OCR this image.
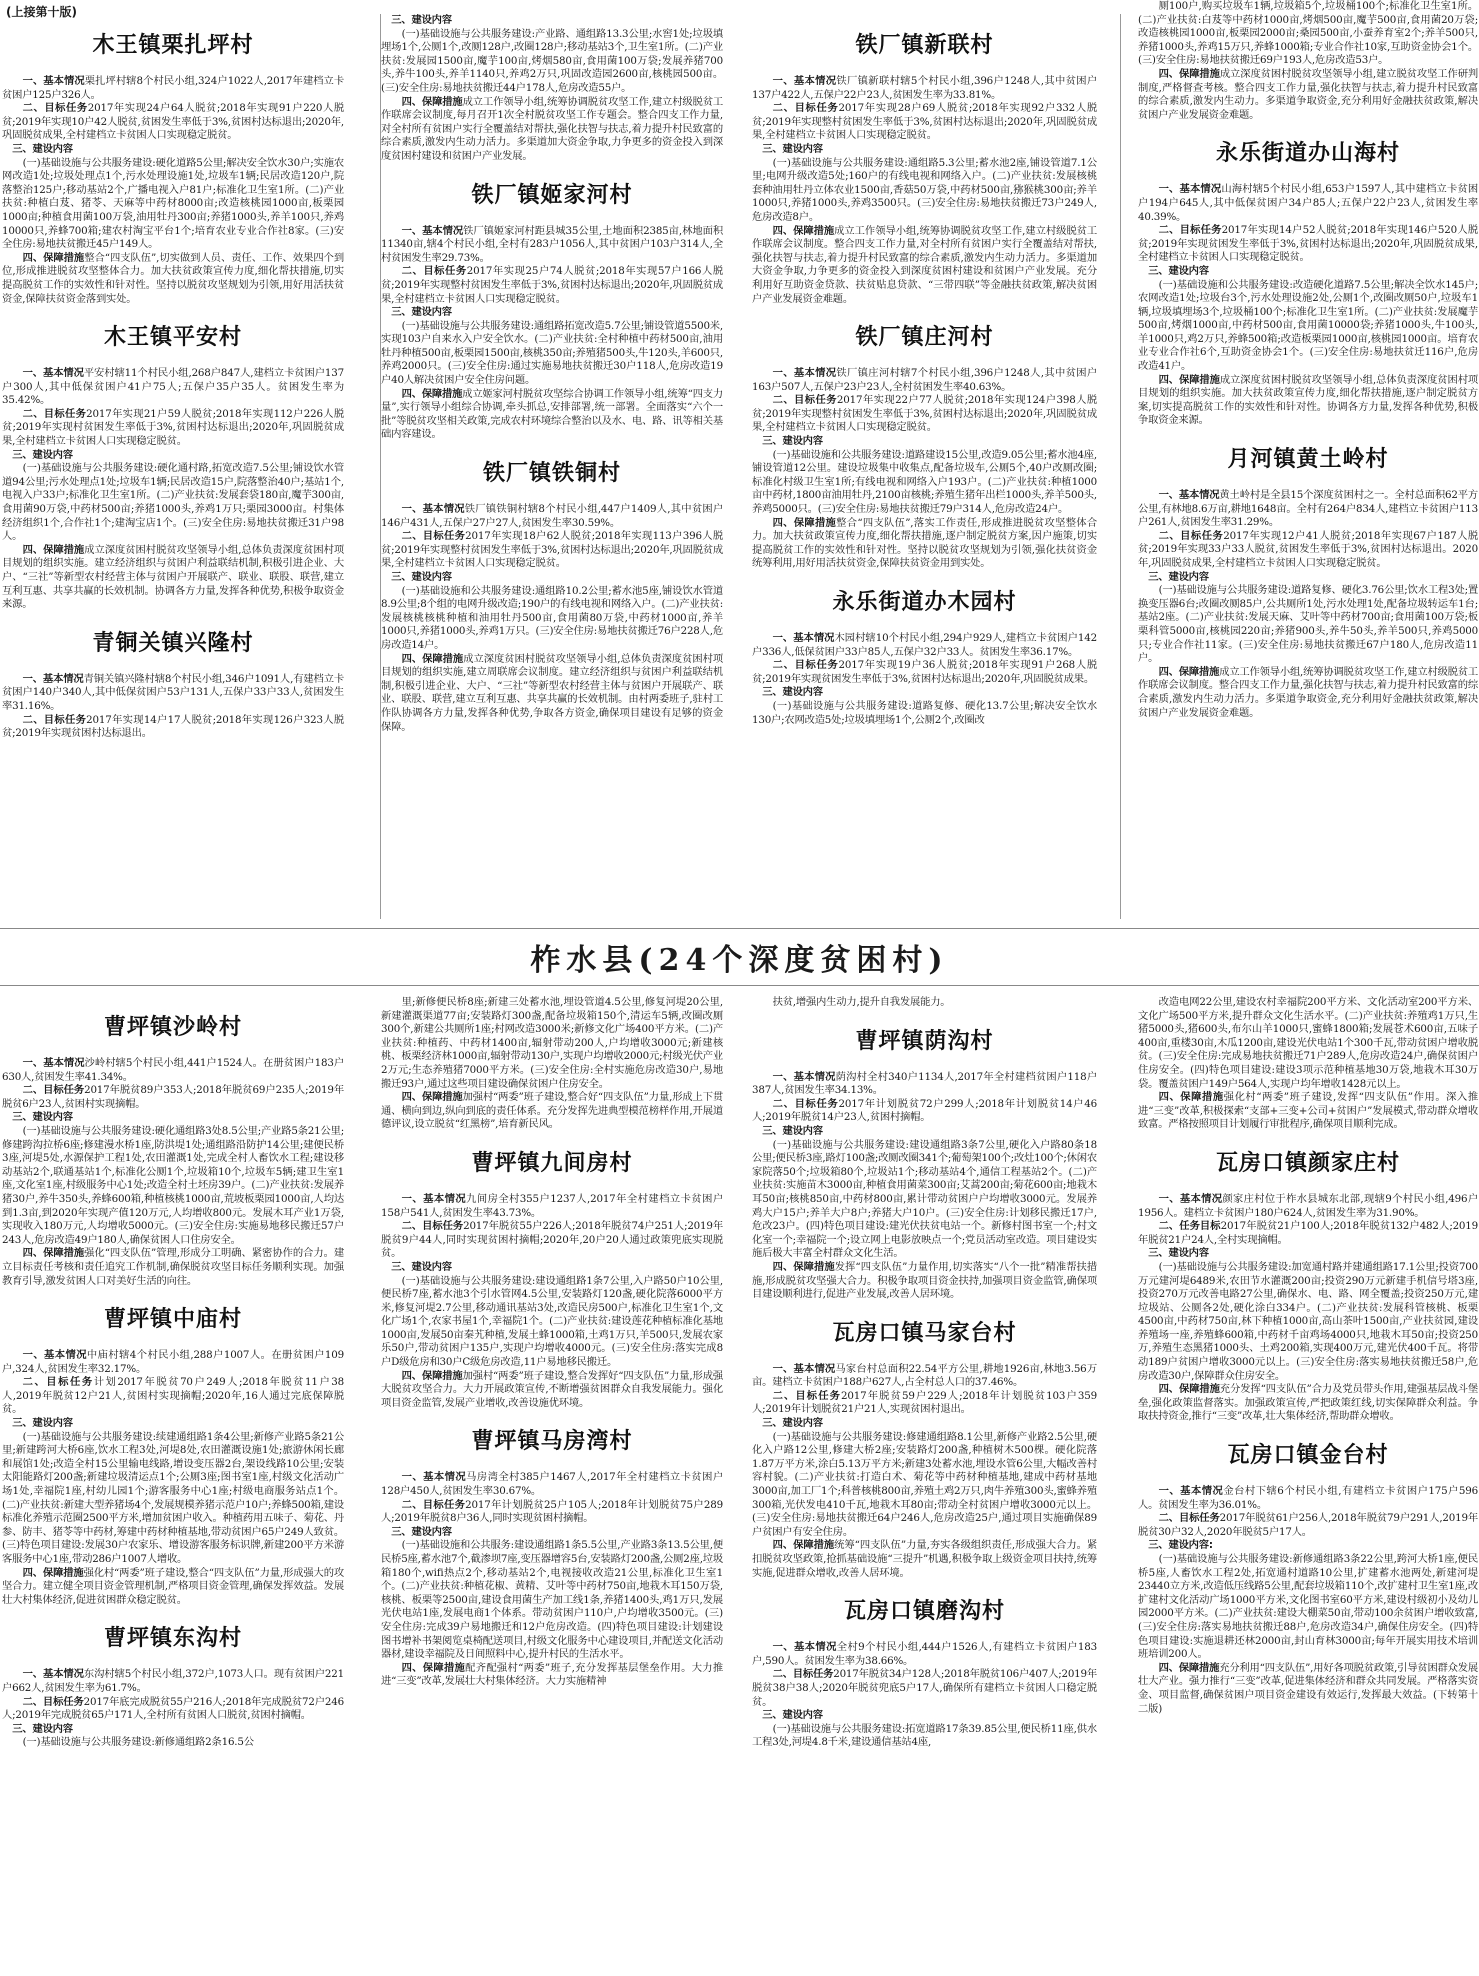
(上接第十版)
木王镇栗扎坪村

一、基本情况栗扎坪村辖8个村民小组,324户1022人,2017年建档立卡贫困户125户326人。

二、目标任务2017年实现24户64人脱贫;2018年实现91户220人脱贫;2019年实现10户42人脱贫,贫困发生率低于3%,贫困村达标退出;2020年,巩固脱贫成果,全村建档立卡贫困人口实现稳定脱贫。

三、建设内容

(一)基础设施与公共服务建设:硬化道路5公里;解决安全饮水30户;实施农网改造1处;垃圾处理点1个,污水处理设施1处,垃圾车1辆;民居改造120户,院落整治125户;移动基站2个,广播电视入户81户;标准化卫生室1所。(二)产业扶贫:种植白芨、猪苓、天麻等中药材8000亩;改造核桃园1000亩,板栗园1000亩;种植食用菌100万袋,油用牡丹300亩;养猪1000头,养羊100只,养鸡10000只,养蜂700箱;建农村淘宝平台1个;培育农业专业合作社8家。(三)安全住房:易地扶贫搬迁45户149人。

四、保障措施整合“四支队伍”,切实做到人员、责任、工作、效果四个到位,形成推进脱贫攻坚整体合力。加大扶贫政策宣传力度,细化帮扶措施,切实提高脱贫工作的实效性和针对性。坚持以脱贫攻坚规划为引领,用好用活扶贫资金,保障扶贫资金落到实处。

木王镇平安村

一、基本情况平安村辖11个村民小组,268户847人,建档立卡贫困户137户300人,其中低保贫困户41户75人;五保户35户35人。贫困发生率为35.42%。

二、目标任务2017年实现21户59人脱贫;2018年实现112户226人脱贫;2019年实现村贫困发生率低于3%,贫困村达标退出;2020年,巩固脱贫成果,全村建档立卡贫困人口实现稳定脱贫。

三、建设内容

(一)基础设施与公共服务建设:硬化通村路,拓宽改造7.5公里;铺设饮水管道94公里;污水处理点1处;垃圾车1辆;民居改造15户,院落整治40户;基站1个,电视入户33户;标准化卫生室1所。(二)产业扶贫:发展套袋180亩,魔芋300亩,食用菌90万袋,中药材500亩;养猪1000头,养鸡1万只;栗园3000亩。村集体经济组织1个,合作社1个;建淘宝店1个。(三)安全住房:易地扶贫搬迁31户98人。

四、保障措施成立深度贫困村脱贫攻坚领导小组,总体负责深度贫困村项目规划的组织实施。建立经济组织与贫困户利益联结机制,积极引进企业、大户、“三社”等新型农村经营主体与贫困户开展联产、联业、联股、联营,建立互利互惠、共享共赢的长效机制。协调各方力量,发挥各种优势,积极争取资金来源。

青铜关镇兴隆村

一、基本情况青铜关镇兴隆村辖8个村民小组,346户1091人,有建档立卡贫困户140户340人,其中低保贫困户53户131人,五保户33户33人,贫困发生率31.16%。

二、目标任务2017年实现14户17人脱贫;2018年实现126户323人脱贫;2019年实现贫困村达标退出。

三、建设内容

(一)基础设施与公共服务建设:产业路、通组路13.3公里;水窖1处;垃圾填埋场1个,公厕1个,改厕128户,改圈128户;移动基站3个,卫生室1所。(二)产业扶贫:发展园1500亩,魔芋100亩,烤烟580亩,食用菌100万袋;发展养猪700头,养牛100头,养羊1140只,养鸡2万只,巩固改造园2600亩,核桃园500亩。(三)安全住房:易地扶贫搬迁44户178人,危房改造55户。

四、保障措施成立工作领导小组,统筹协调脱贫攻坚工作,建立村级脱贫工作联席会议制度,每月召开1次全村脱贫攻坚工作专题会。整合四支工作力量,对全村所有贫困户实行全覆盖结对帮扶,强化扶智与扶志,着力提升村民致富的综合素质,激发内生动力活力。多渠道加大资金争取,力争更多的资金投入到深度贫困村建设和贫困户产业发展。

铁厂镇姬家河村

一、基本情况铁厂镇姬家河村距县城35公里,土地面积2385亩,林地面积11340亩,辖4个村民小组,全村有283户1056人,其中贫困户103户314人,全村贫困发生率29.73%。

二、目标任务2017年实现25户74人脱贫;2018年实现57户166人脱贫;2019年实现整村贫困发生率低于3%,贫困村达标退出;2020年,巩固脱贫成果,全村建档立卡贫困人口实现稳定脱贫。

三、建设内容

(一)基础设施与公共服务建设:通组路拓宽改造5.7公里;铺设管道5500米,实现103户自来水入户安全饮水。(二)产业扶贫:全村种植中药材500亩,油用牡丹种植500亩,板栗园1500亩,核桃350亩;养殖猪500头,牛120头,羊600只,养鸡2000只。(三)安全住房:通过实施易地扶贫搬迁30户118人,危房改造19户40人解决贫困户安全住房问题。

四、保障措施成立姬家河村脱贫攻坚综合协调工作领导小组,统筹“四支力量”,实行领导小组综合协调,牵头抓总,安排部署,统一部署。全面落实“六个一批”等脱贫攻坚相关政策,完成农村环境综合整治以及水、电、路、讯等相关基础内容建设。

铁厂镇铁铜村

一、基本情况铁厂镇铁铜村辖8个村民小组,447户1409人,其中贫困户146户431人,五保户27户27人,贫困发生率30.59%。

二、目标任务2017年实现18户62人脱贫;2018年实现113户396人脱贫;2019年实现整村贫困发生率低于3%,贫困村达标退出;2020年,巩固脱贫成果,全村建档立卡贫困人口实现稳定脱贫。

三、建设内容

(一)基础设施和公共服务建设:通组路10.2公里;蓄水池5座,铺设饮水管道8.9公里;8个组的电网升级改造;190户的有线电视和网络入户。(二)产业扶贫:发展核桃核桃种植和油用牡丹500亩,食用菌80万袋,中药材1000亩,养羊1000只,养猪1000头,养鸡1万只。(三)安全住房:易地扶贫搬迁76户228人,危房改造14户。

四、保障措施成立深度贫困村脱贫攻坚领导小组,总体负责深度贫困村项目规划的组织实施,建立周联席会议制度。建立经济组织与贫困户利益联结机制,积极引进企业、大户、“三社”等新型农村经营主体与贫困户开展联产、联业、联股、联营,建立互利互惠、共享共赢的长效机制。由村两委班子,驻村工作队协调各方力量,发挥各种优势,争取各方资金,确保项目建设有足够的资金保障。

铁厂镇新联村

一、基本情况铁厂镇新联村辖5个村民小组,396户1248人,其中贫困户137户422人,五保户22户23人,贫困发生率为33.81%。

二、目标任务2017年实现28户69人脱贫;2018年实现92户332人脱贫;2019年实现整村贫困发生率低于3%,贫困村达标退出;2020年,巩固脱贫成果,全村建档立卡贫困人口实现稳定脱贫。

三、建设内容

(一)基础设施与公共服务建设:通组路5.3公里;蓄水池2座,铺设管道7.1公里;电网升级改造5处;160户的有线电视和网络入户。(二)产业扶贫:发展核桃套种油用牡丹立体农业1500亩,香菇50万袋,中药材500亩,猕猴桃300亩;养羊1000只,养猪1000头,养鸡3500只。(三)安全住房:易地扶贫搬迁73户249人,危房改造8户。

四、保障措施成立工作领导小组,统筹协调脱贫攻坚工作,建立村级脱贫工作联席会议制度。整合四支工作力量,对全村所有贫困户实行全覆盖结对帮扶,强化扶智与扶志,着力提升村民致富的综合素质,激发内生动力活力。多渠道加大资金争取,力争更多的资金投入到深度贫困村建设和贫困户产业发展。充分利用好互助资金贷款、扶贫贴息贷款、“三带四联”等金融扶贫政策,解决贫困户产业发展资金难题。

铁厂镇庄河村

一、基本情况铁厂镇庄河村辖7个村民小组,396户1248人,其中贫困户163户507人,五保户23户23人,全村贫困发生率40.63%。

二、目标任务2017年实现22户77人脱贫;2018年实现124户398人脱贫;2019年实现整村贫困发生率低于3%,贫困村达标退出;2020年,巩固脱贫成果,全村建档立卡贫困人口实现稳定脱贫。

三、建设内容

(一)基础设施和公共服务建设:道路建设15公里,改造9.05公里;蓄水池4座,铺设管道12公里。建设垃圾集中收集点,配备垃圾车,公厕5个,40户改厕改圈;标准化村级卫生室1所;有线电视和网络入户193户。(二)产业扶贫:种植1000亩中药材,1800亩油用牡丹,2100亩核桃;养殖生猪年出栏1000头,养羊500头,养鸡5000只。(三)安全住房:易地扶贫搬迁79户314人,危房改造24户。

四、保障措施整合“四支队伍”,落实工作责任,形成推进脱贫攻坚整体合力。加大扶贫政策宣传力度,细化帮扶措施,逐户制定脱贫方案,因户施策,切实提高脱贫工作的实效性和针对性。坚持以脱贫攻坚规划为引领,强化扶贫资金统筹利用,用好用活扶贫资金,保障扶贫资金用到实处。

永乐街道办木园村

一、基本情况木园村辖10个村民小组,294户929人,建档立卡贫困户142户336人,低保贫困户33户85人,五保户32户33人。贫困发生率36.17%。

二、目标任务2017年实现19户36人脱贫;2018年实现91户268人脱贫;2019年实现贫困发生率低于3%,贫困村达标退出;2020年,巩固脱贫成果。

三、建设内容

(一)基础设施与公共服务建设:道路复修、硬化13.7公里;解决安全饮水130户;农网改造5处;垃圾填埋场1个,公厕2个,改圈改

厕100户,购买垃圾车1辆,垃圾箱5个,垃圾桶100个;标准化卫生室1所。(二)产业扶贫:白芨等中药材1000亩,烤烟500亩,魔芋500亩,食用菌20万袋;改造核桃园1000亩,板栗园2000亩;桑园500亩,小蚕养育室2个;养羊500只,养猪1000头,养鸡15万只,养蜂1000箱;专业合作社10家,互助资金协会1个。(三)安全住房:易地扶贫搬迁69户193人,危房改造53户。

四、保障措施成立深度贫困村脱贫攻坚领导小组,建立脱贫攻坚工作研判制度,严格督查考核。整合四支工作力量,强化扶智与扶志,着力提升村民致富的综合素质,激发内生动力。多渠道争取资金,充分利用好金融扶贫政策,解决贫困户产业发展资金难题。

永乐街道办山海村

一、基本情况山海村辖5个村民小组,653户1597人,其中建档立卡贫困户194户645人,其中低保贫困户34户85人;五保户22户23人,贫困发生率40.39%。

二、目标任务2017年实现14户52人脱贫;2018年实现146户520人脱贫;2019年实现贫困发生率低于3%,贫困村达标退出;2020年,巩固脱贫成果,全村建档立卡贫困人口实现稳定脱贫。

三、建设内容

(一)基础设施和公共服务建设:改造硬化道路7.5公里;解决全饮水145户;农网改造1处;垃圾台3个,污水处理设施2处,公厕1个,改圈改厕50户,垃圾车1辆,垃圾填埋场3个,垃圾桶100个;标准化卫生室1所。(二)产业扶贫:发展魔芋500亩,烤烟1000亩,中药材500亩,食用菌10000袋;养猪1000头,牛100头,羊1000只,鸡2万只,养蜂500箱;改造板栗园1000亩,核桃园1000亩。培育农业专业合作社6个,互助资金协会1个。(三)安全住房:易地扶贫迁116户,危房改造41户。

四、保障措施成立深度贫困村脱贫攻坚领导小组,总体负责深度贫困村项目规划的组织实施。加大扶贫政策宣传力度,细化帮扶措施,逐户制定脱贫方案,切实提高脱贫工作的实效性和针对性。协调各方力量,发挥各种优势,积极争取资金来源。

月河镇黄土岭村

一、基本情况黄土岭村是全县15个深度贫困村之一。全村总面积62平方公里,有林地8.6万亩,耕地1648亩。全村有264户834人,建档立卡贫困户113户261人,贫困发生率31.29%。

二、目标任务2017年实现12户41人脱贫;2018年实现67户187人脱贫;2019年实现33户33人脱贫,贫困发生率低于3%,贫困村达标退出。2020年,巩固脱贫成果,全村建档立卡贫困人口实现稳定脱贫。

三、建设内容

(一)基础设施与公共服务建设:道路复修、硬化3.76公里;饮水工程3处;置换变压器6台;改圈改厕85户,公共厕所1处,污水处理1处,配备垃圾转运车1台;基站2座。(二)产业扶贫:发展天麻、艾叶等中药材700亩;食用菌100万袋;板栗科管5000亩,核桃园220亩;养猪900头,养牛50头,养羊500只,养鸡5000只;专业合作社11家。(三)安全住房:易地扶贫搬迁67户180人,危房改造11户。

四、保障措施成立工作领导小组,统筹协调脱贫攻坚工作,建立村级脱贫工作联席会议制度。整合四支工作力量,强化扶智与扶志,着力提升村民致富的综合素质,激发内生动力活力。多渠道争取资金,充分利用好金融扶贫政策,解决贫困户产业发展资金难题。

柞水县(24个深度贫困村)
曹坪镇沙岭村

一、基本情况沙岭村辖5个村民小组,441户1524人。在册贫困户183户630人,贫困发生率41.34%。

二、目标任务2017年脱贫89户353人;2018年脱贫69户235人;2019年脱贫6户23人,贫困村实现摘帽。

三、建设内容

(一)基础设施与公共服务建设:硬化通组路3处8.5公里;产业路5条21公里;修建跨沟拉桥6座;修建漫水桥1座,防洪堤1处;通组路沿防护14公里;建便民桥3座,河堤5处,水源保护工程1处,农田灌溉1处,完成全村人畜饮水工程;建设移动基站2个,联通基站1个,标准化公厕1个,垃圾箱10个,垃圾车5辆;建卫生室1座,文化室1座,村级服务中心1处;改造全村土坯房39户。(二)产业扶贫:发展养猪30户,养牛350头,养蜂600箱,种植核桃1000亩,荒坡板栗园1000亩,人均达到1.3亩,到2020年实现产值120万元,人均增收800元。发展木耳产业1万袋,实现收入180万元,人均增收5000元。(三)安全住房:实施易地移民搬迁57户243人,危房改造49户180人,确保贫困人口住房安全。

四、保障措施强化“四支队伍”管理,形成分工明确、紧密协作的合力。建立目标责任考核和责任追究工作机制,确保脱贫攻坚目标任务顺利实现。加强教育引导,激发贫困人口对美好生活的向往。

曹坪镇中庙村

一、基本情况中庙村辖4个村民小组,288户1007人。在册贫困户109户,324人,贫困发生率32.17%。

二、目标任务计划2017年脱贫70户249人;2018年脱贫11户38人,2019年脱贫12户21人,贫困村实现摘帽;2020年,16人通过完底保障脱贫。

三、建设内容

(一)基础设施与公共服务建设:续建通组路1条4公里;新修产业路5条21公里;新建跨河大桥6座,饮水工程3处,河堤8处,农田灌溉设施1处;旅游休闲长廊和展馆1处;改造全村15公里输电线路,增设变压器2台,架设线路10公里;安装太阳能路灯200盏;新建垃圾清运点1个;公厕3座;图书室1座,村级文化活动广场1处,幸福院1座,村幼儿园1个;游客服务中心1座;村级电商服务站点1个。(二)产业扶贫:新建大型养猪场4个,发展规模养猪示范户10户;养蜂500箱,建设标准化养殖示范圈2500平方米,增加贫困户收入。种植药用五味子、菊花、丹参、防丰、猪苓等中药材,筹建中药材种植基地,带动贫困户65户249人致贫。(三)特色项目建设:发展30户农家乐、增设游客服务标识牌,新建200平方米游客服务中心1座,带动286户1007人增收。

四、保障措施强化村“两委”班子建设,整合“四支队伍”力量,形成强大的攻坚合力。建立健全项目资金管理机制,严格项目资金管理,确保发挥效益。发展壮大村集体经济,促进贫困群众稳定脱贫。

曹坪镇东沟村

一、基本情况东沟村辖5个村民小组,372户,1073人口。现有贫困户221户662人,贫困发生率为61.7%。

二、目标任务2017年底完成脱贫55户216人;2018年完成脱贫72户246人;2019年完成脱贫65户171人,全村所有贫困人口脱贫,贫困村摘帽。

三、建设内容

(一)基础设施与公共服务建设:新修通组路2条16.5公

里;新修便民桥8座;新建三处蓄水池,埋设管道4.5公里,修复河堤20公里,新建灌溉渠道77亩;安装路灯300盏,配备垃圾箱150个,清运车5辆,改圈改厕300个,新建公共厕所1座;村网改造3000米;新修文化广场400平方米。(二)产业扶贫:种植药、中药材1400亩,辐射带动200人,户均增收3000元;新建核桃、板栗经济林1000亩,辐射带动130户,实现户均增收2000元;村级光伏产业2万元;生态养殖猪7000平方米。(三)安全住房:全村实施危房改造30户,易地搬迁93户,通过这些项目建设确保贫困户住房安全。

四、保障措施加强村“两委”班子建设,整合好“四支队伍”力量,形成上下贯通、横向到边,纵向到底的责任体系。充分发挥先进典型模范榜样作用,开展道德评议,设立脱贫“红黑榜”,培育新民风。

曹坪镇九间房村

一、基本情况九间房全村355户1237人,2017年全村建档立卡贫困户158户541人,贫困发生率43.73%。

二、目标任务2017年脱贫55户226人;2018年脱贫74户251人;2019年脱贫9户44人,同时实现贫困村摘帽;2020年,20户20人通过政策兜底实现脱贫。

三、建设内容

(一)基础设施与公共服务建设:建设通组路1条7公里,入户路50户10公里,便民桥7座,蓄水池3个引水管网4.5公里,安装路灯120盏,硬化院落6000平方米,修复河堤2.7公里,移动通讯基站3处,改造民房500户,标准化卫生室1个,文化广场1个,农家书屋1个,幸福院1个。(二)产业扶贫:建设莲花种植标准化基地1000亩,发展50亩秦艽种植,发展土蜂1000箱,土鸡1万只,羊500只,发展农家乐50户,带动贫困户135户,实现户均增收4000元。(三)安全住房:落实完成8户D级危房和30户C级危房改造,11户易地移民搬迁。

四、保障措施加强村“两委”班子建设,整合发挥好“四支队伍”力量,形成强大脱贫攻坚合力。大力开展政策宣传,不断增强贫困群众自我发展能力。强化项目资金监管,发展产业增收,改善设施优环境。

曹坪镇马房湾村

一、基本情况马房湾全村385户1467人,2017年全村建档立卡贫困户128户450人,贫困发生率30.67%。

二、目标任务2017年计划脱贫25户105人;2018年计划脱贫75户289人;2019年脱贫8户36人,同时实现贫困村摘帽。

三、建设内容

(一)基础设施和公共服务:建设通组路1条5.5公里,产业路3条13.5公里,便民桥5座,蓄水池7个,截渗坝7座,变压器增容5台,安装路灯200盏,公厕2座,垃圾箱180个,wifi热点2个,移动基站2个,电视接收改造21公里,标准化卫生室1个。(二)产业扶贫:种植花椒、黄精、艾叶等中药材750亩,地栽木耳150万袋,核桃、板栗等2500亩,建设食用菌生产加工线1条,养猪1400头,鸡1万只,发展光伏电站1座,发展电商1个体系。带动贫困户110户,户均增收3500元。(三)安全住房:完成39户易地搬迁和12户危房改造。(四)特色项目建设:计划建设图书增补书架阅览桌椅配送项目,村级文化服务中心建设项目,并配送文化活动器材,建设幸福院及日间照料中心,提升村民的生活水平。

四、保障措施配齐配强村“两委”班子,充分发挥基层堡垒作用。大力推进“三变”改革,发展壮大村集体经济。大力实施精神

扶贫,增强内生动力,提升自我发展能力。

曹坪镇荫沟村

一、基本情况荫沟村全村340户1134人,2017年全村建档贫困户118户387人,贫困发生率34.13%。

二、目标任务2017年计划脱贫72户299人;2018年计划脱贫14户46人;2019年脱贫14户23人,贫困村摘帽。

三、建设内容

(一)基础设施与公共服务建设:建设通组路3条7公里,硬化入户路80条18公里;便民桥3座,路灯100盏;改厕改圈341个;葡萄架100个;改灶100个;休闲农家院落50个;垃圾箱80个,垃圾站1个;移动基站4个,通信工程基站2个。(二)产业扶贫:实施苗木3000亩,种植食用菌菜300亩;艾蒿200亩;菊花600亩;地栽木耳50亩;核桃850亩,中药材800亩,累计带动贫困户户均增收3000元。发展养鸡大户15户;养羊大户8户;养猪大户10户。(三)安全住房:计划移民搬迁17户,危改23户。(四)特色项目建设:建光伏扶贫电站一个。新修村图书室一个;村文化室一个;幸福院一个;设立网上电影放映点一个;党员活动室改造。项目建设实施后极大丰富全村群众文化生活。

四、保障措施发挥“四支队伍”力量作用,切实落实“八个一批”精准帮扶措施,形成脱贫攻坚强大合力。积极争取项目资金扶持,加强项目资金监管,确保项目建设顺利进行,促进产业发展,改善人居环境。

瓦房口镇马家台村

一、基本情况马家台村总面积22.54平方公里,耕地1926亩,林地3.56万亩。建档立卡贫困户188户627人,占全村总人口的37.46%。

二、目标任务2017年脱贫59户229人;2018年计划脱贫103户359人;2019年计划脱贫21户21人,实现贫困村退出。

三、建设内容

(一)基础设施与公共服务建设:修建通组路8.1公里,新修产业路2.5公里,硬化入户路12公里,修建大桥2座;安装路灯200盏,种植树木500棵。硬化院落1.87万平方米,涂白5.13万平方米;新建3处蓄水池,埋设水管6公里,大幅改善村容村貌。(二)产业扶贫:打造白术、菊花等中药材种植基地,建成中药材基地3000亩,加工厂1个;科普核桃800亩,养殖土鸡2万只,肉牛养殖300头,蜜蜂养殖300箱,光伏发电410千瓦,地栽木耳80亩;带动全村贫困户增收3000元以上。(三)安全住房:易地扶贫搬迁64户246人,危房改造25户,通过项目实施确保89户贫困户有安全住房。

四、保障措施统筹“四支队伍”力量,夯实各级组织责任,形成强大合力。紧扣脱贫攻坚政策,抢抓基础设施“三提升”机遇,积极争取上级资金项目扶持,统筹实施,促进群众增收,改善人居环境。

瓦房口镇磨沟村

一、基本情况全村9个村民小组,444户1526人,有建档立卡贫困户183户,590人。贫困发生率为38.66%。

二、目标任务2017年脱贫34户128人;2018年脱贫106户407人;2019年脱贫38户38人;2020年脱贫兜底5户17人,确保所有建档立卡贫困人口稳定脱贫。

三、建设内容

(一)基础设施与公共服务建设:拓宽道路17条39.85公里,便民桥11座,供水工程3处,河堤4.8千米,建设通信基站4座,

改造电网22公里,建设农村幸福院200平方米、文化活动室200平方米、文化广场500平方米,提升群众文化生活水平。(二)产业扶贫:养殖鸡1万只,生猪5000头,猪600头,布尔山羊1000只,蜜蜂1800箱;发展苍术600亩,五味子400亩,重楼30亩,木瓜1200亩,建设光伏电站1个300千瓦,带动贫困户增收脱贫。(三)安全住房:完成易地扶贫搬迁71户289人,危房改造24户,确保贫困户住房安全。(四)特色项目建设:建设3项示范种植基地30万袋,地栽木耳30万袋。覆盖贫困户149户564人,实现户均年增收1428元以上。

四、保障措施强化村“两委”班子建设,发挥“四支队伍”作用。深入推进“三变”改革,积极探索“支部+三变+公司+贫困户”发展模式,带动群众增收致富。严格按照项目计划履行审批程序,确保项目顺利完成。

瓦房口镇颜家庄村

一、基本情况颜家庄村位于柞水县城东北部,现辖9个村民小组,496户1956人。建档立卡贫困户180户624人,贫困发生率为31.90%。

二、任务目标2017年脱贫21户100人;2018年脱贫132户482人;2019年脱贫21户24人,全村实现摘帽。

三、建设内容

(一)基础设施与公共服务建设:加宽通村路并建通组路17.1公里;投资700万元建河堤6489米,农田节水灌溉200亩;投资290万元新建手机信号塔3座,投资270万元改善电路27公里,确保水、电、路、网全覆盖;投资250万元,建垃圾站、公厕各2处,硬化涂白334户。(二)产业扶贫:发展科管核桃、板栗4500亩,中药材750亩,林下种植1000亩,高山茶叶1500亩,产业扶贫园,建设养殖场一座,养殖蜂600箱,中药材千亩鸡场4000只,地栽木耳50亩;投资250万,养殖生态黑猪1000头、土鸡200箱,实现400万元,建光伏400千瓦。将带动189户贫困户增收3000元以上。(三)安全住房:落实易地扶贫搬迁58户,危房改造30户,保障群众住房安全。

四、保障措施充分发挥“四支队伍”合力及党员带头作用,建强基层战斗堡垒,强化政策监督落实。加强政策宣传,严把政策红线,切实保障群众利益。争取扶持资金,推行“三变”改革,壮大集体经济,帮助群众增收。

瓦房口镇金台村

一、基本情况金台村下辖6个村民小组,有建档立卡贫困户175户596人。贫困发生率为36.01%。

二、目标任务2017年脱贫61户256人,2018年脱贫79户291人,2019年脱贫30户32人,2020年脱贫5户17人。

三、建设内容:

(一)基础设施与公共服务建设:新修通组路3条22公里,跨河大桥1座,便民桥5座,人畜饮水工程2处,拓宽通村道路10公里,扩建蓄水池两处,新建河堤23440立方米,改造低压线路5公里,配套垃圾箱110个,改扩建村卫生室1座,改扩建村文化活动广场1000平方米,文化图书室60平方米,建设村级初小及幼儿园2000平方米。(二)产业扶贫:建设大棚菜50亩,带动100余贫困户增收致富,(三)安全住房:落实易地扶贫搬迁88户,危房改造34户,确保住房安全。(四)特色项目建设:实施退耕还林2000亩,封山育林3000亩;每年开展实用技术培训班培训200人。

四、保障措施充分利用“四支队伍”,用好各项脱贫政策,引导贫困群众发展壮大产业。强力推行“三变”改革,促进集体经济和群众共同发展。严格落实资金、项目监督,确保贫困户项目资金建设有效运行,发挥最大效益。(下转第十二版)
